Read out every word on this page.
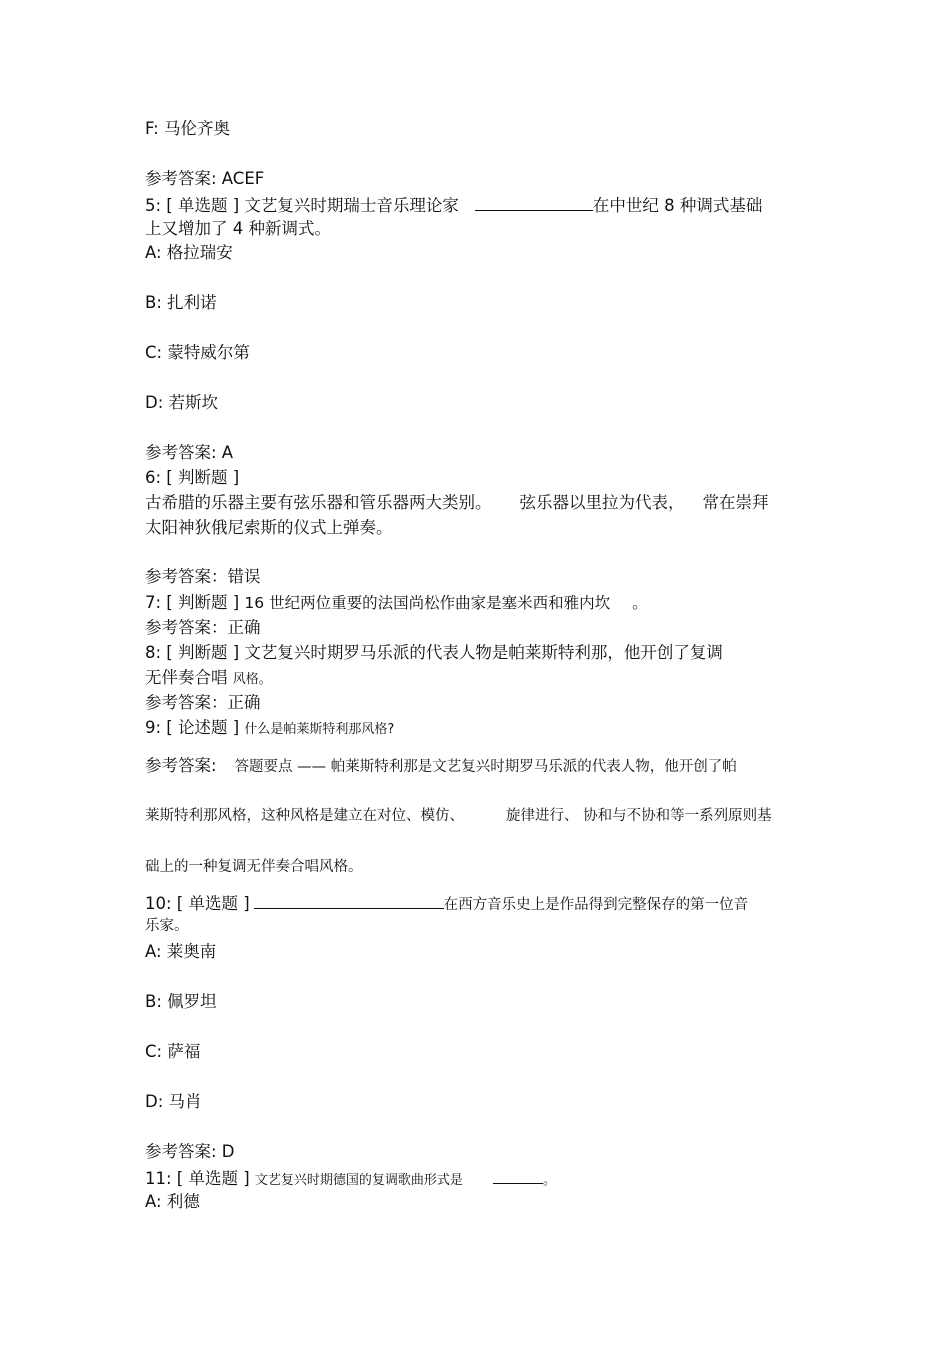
F: 马伦齐奥
参考答案: ACEF
5: [ 单选题 ] 文艺复兴时期瑞士音乐理论家	在中世纪 8 种调式基础
上又增加了 4 种新调式。
A: 格拉瑞安
B: 扎利诺
C: 蒙特威尔第
D: 若斯坎
参考答案: A
6: [ 判断题 ]
古希腊的乐器主要有弦乐器和管乐器两大类别。 弦乐器以里拉为代表， 常在崇拜
太阳神狄俄尼索斯的仪式上弹奏。
参考答案：错误
7: [ 判断题 ] 16 世纪两位重要的法国尚松作曲家是塞米西和雅内坎 。
参考答案：正确
8: [ 判断题 ] 文艺复兴时期罗马乐派的代表人物是帕莱斯特利那，他开创了复调
无伴奏合唱 风格。
参考答案：正确
9: [ 论述题 ] 什么是帕莱斯特利那风格?
参考答案: 答题要点 —— 帕莱斯特利那是文艺复兴时期罗马乐派的代表人物，他开创了帕
莱斯特利那风格，这种风格是建立在对位、模仿、	旋律进行、 协和与不协和等一系列原则基
础上的一种复调无伴奏合唱风格。
10: [ 单选题 ]	在西方音乐史上是作品得到完整保存的第一位音
乐家。
A: 莱奥南
B: 佩罗坦
C: 萨福
D: 马肖
参考答案: D
11: [ 单选题 ] 文艺复兴时期德国的复调歌曲形式是	。
A: 利德
